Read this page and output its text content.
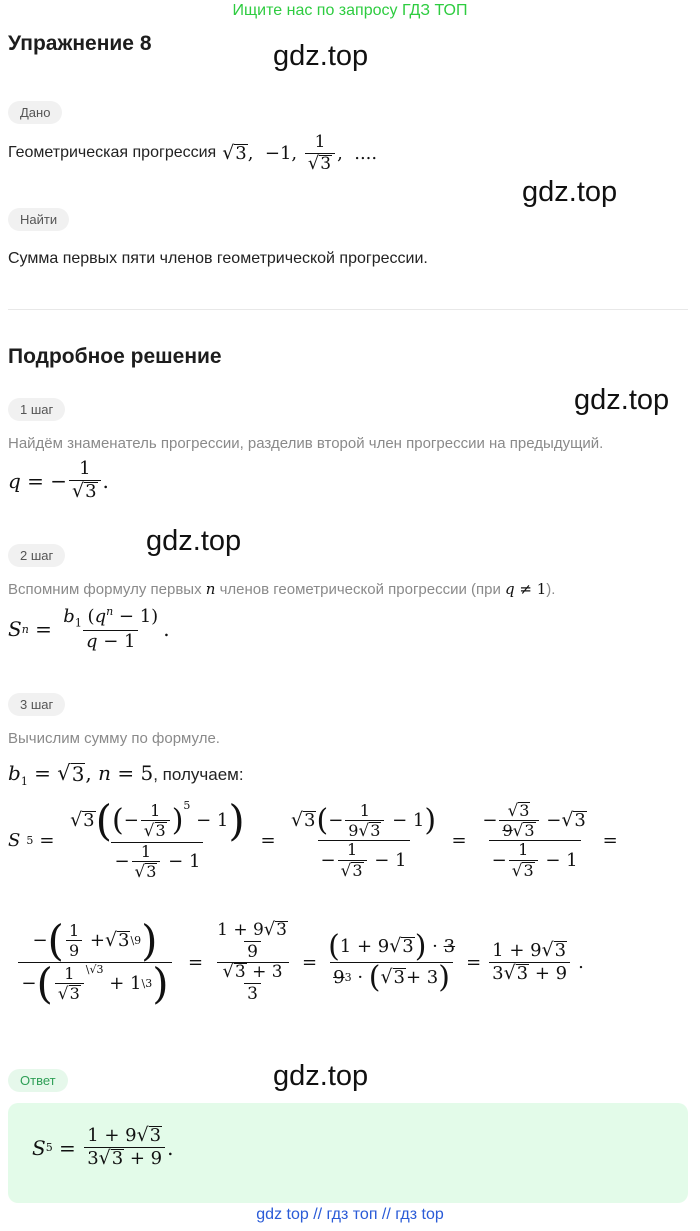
Ищите нас по запросу ГДЗ ТОП
Упражнение 8	gdz.top
gdz.top
gdz.top
gdz.top
gdz.top
Дано
Геометрическая прогрессия √ 3 ,  −1, $\frac{1}{√ 3}$ ,  ....
Найти
Сумма первых пяти членов геометрической прогрессии.
Подробное решение
1 шаг
Найдём знаменатель прогрессии, разделив второй член прогрессии на предыдущий.
q = − $\frac{1}{√ 3}$ .
2 шаг
Вспомним формулу первых n членов геометрической прогрессии (при q ≠ 1).
S $n = \frac{b_1 (q^n - 1)}{q - 1}$ .
3 шаг
Вычислим сумму по формуле.
$b_1$ = √ 3 , n = 5 , получаем:
S 5 = √ 3 ( ( − $\frac{1}{√ 3} )^5$
− 1 )
− $\frac{1}{√ 3} - 1 = \frac{√ 3 ( - \frac{1}{9 √ 3} - 1 )}{- \frac{1}{√ 3} - 1} = \frac{- \frac{√ 3}{9 √ 3} - √ 3}{- \frac{1}{√ 3} - 1}$ =
− ( $\frac{1}{9}$ + √ 3 \9 )
− ( $\frac{1}{√ 3}^{\backslash√3}$
+ 1 \3 ) = $\frac{\frac{1 + 9 √ 3}{9}}{\frac{√ 3 + 3}{3}} = \frac{( 1 + 9 √ 3 ) \cdot 3}{9 3 \cdot ( √ 3 + 3 )} = \frac{1 + 9 √ 3}{3 √ 3 + 9}$ .
Ответ
S $5 = \frac{1 + 9 √ 3}{3 √ 3 + 9}$ .
gdz top // гдз топ // гдз top
